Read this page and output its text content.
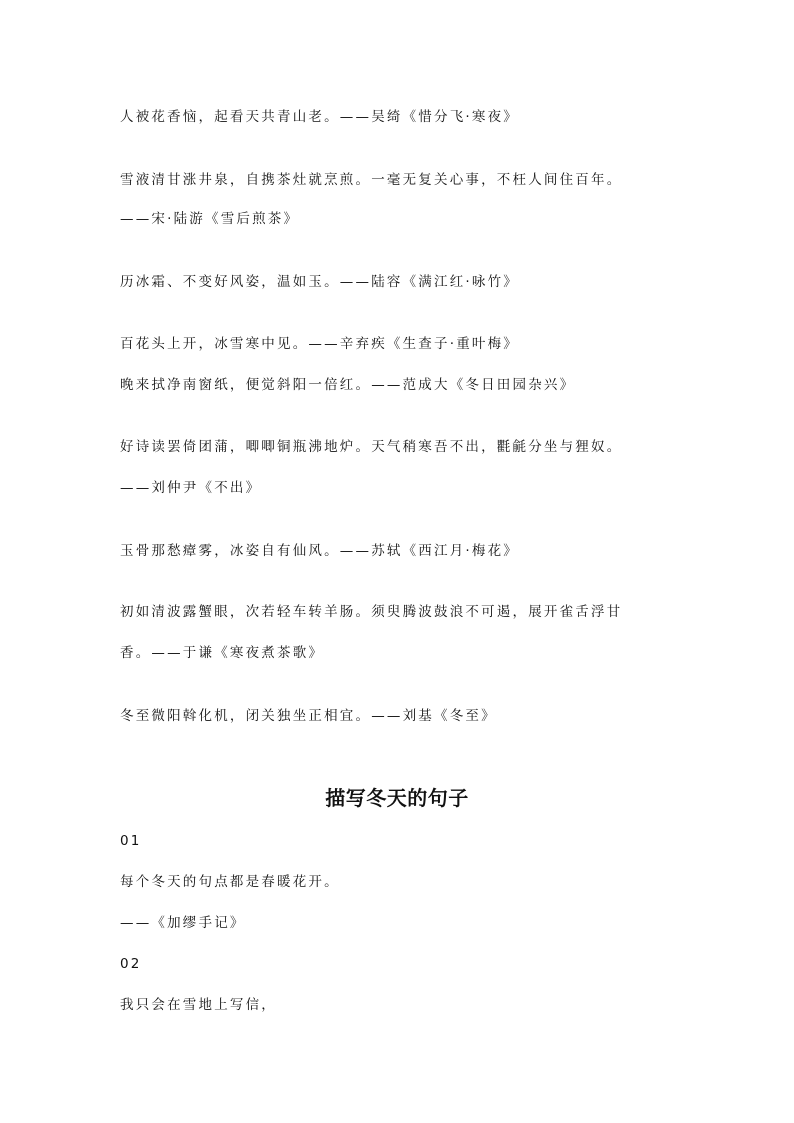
人被花香恼，起看天共青山老。——吴绮《惜分飞·寒夜》
雪液清甘涨井泉，自携茶灶就烹煎。一毫无复关心事，不枉人间住百年。
——宋·陆游《雪后煎茶》
历冰霜、不变好风姿，温如玉。——陆容《满江红·咏竹》
百花头上开，冰雪寒中见。——辛弃疾《生查子·重叶梅》
晚来拭净南窗纸，便觉斜阳一倍红。——范成大《冬日田园杂兴》
好诗读罢倚团蒲，唧唧铜瓶沸地炉。天气稍寒吾不出，氍毹分坐与狸奴。
——刘仲尹《不出》
玉骨那愁瘴雾，冰姿自有仙风。——苏轼《西江月·梅花》
初如清波露蟹眼，次若轻车转羊肠。须臾腾波鼓浪不可遏，展开雀舌浮甘
香。——于谦《寒夜煮茶歌》
冬至微阳斡化机，闭关独坐正相宜。——刘基《冬至》
描写冬天的句子
01
每个冬天的句点都是春暖花开。
——《加缪手记》
02
我只会在雪地上写信，
